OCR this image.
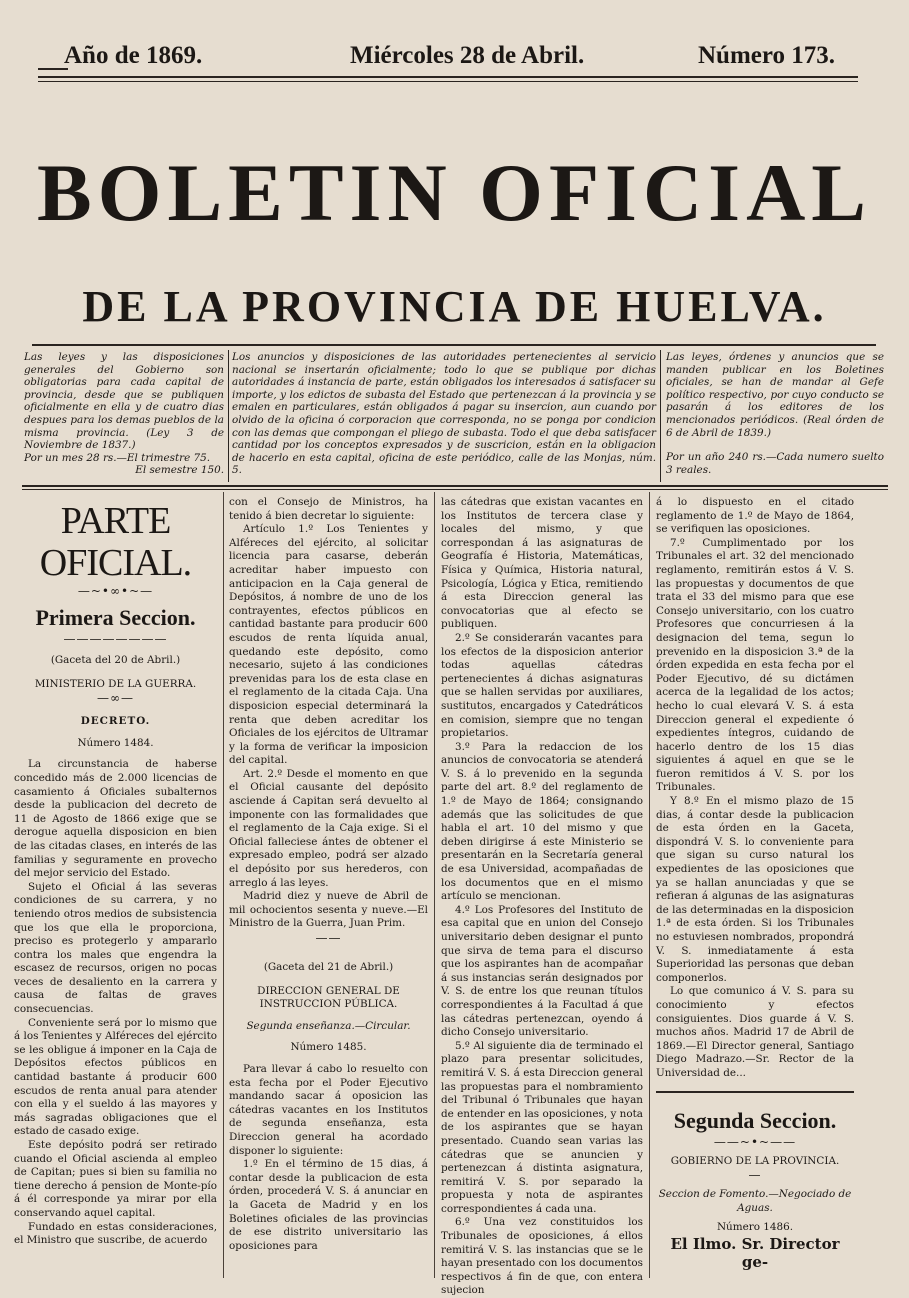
Año de 1869.	Miércoles 28 de Abril.	Número 173.
BOLETIN OFICIAL
DE LA PROVINCIA DE HUELVA.
Las leyes y las disposiciones generales del Gobierno son obligatorias para cada capital de provincia, desde que se publiquen oficialmente en ella y de cuatro dias despues para los demas pueblos de la misma provincia. (Ley 3 de Noviembre de 1837.)
Por un mes 28 rs.—El trimestre 75.
El semestre 150.
Los anuncios y disposiciones de las autoridades pertenecientes al servicio nacional se insertarán oficialmente; todo lo que se publique por dichas autoridades á instancia de parte, están obligados los interesados á satisfacer su importe, y los edictos de subasta del Estado que pertenezcan á la provincia y se emalen en particulares, están obligados á pagar su insercion, aun cuando por olvido de la oficina ó corporacion que corresponda, no se ponga por condicion con las demas que compongan el pliego de subasta. Todo el que deba satisfacer cantidad por los conceptos expresados y de suscricion, están en la obligacion de hacerlo en esta capital, oficina de este periódico, calle de las Monjas, núm. 5.
Las leyes, órdenes y anuncios que se manden publicar en los Boletines oficiales, se han de mandar al Gefe político respectivo, por cuyo conducto se pasarán á los editores de los mencionados periódicos. (Real órden de 6 de Abril de 1839.)
Por un año 240 rs.—Cada numero suelto 3 reales.
PARTE OFICIAL.
—~•∞•~—
Primera Seccion.
————————

(Gaceta del 20 de Abril.)

MINISTERIO DE LA GUERRA.

—∞—

DECRETO.

Número 1484.

La circunstancia de haberse concedido más de 2.000 licencias de casamiento á Oficiales subalternos desde la publicacion del decreto de 11 de Agosto de 1866 exige que se derogue aquella disposicion en bien de las citadas clases, en interés de las familias y seguramente en provecho del mejor servicio del Estado.

Sujeto el Oficial á las severas condiciones de su carrera, y no teniendo otros medios de subsistencia que los que ella le proporciona, preciso es protegerlo y ampararlo contra los males que engendra la escasez de recursos, origen no pocas veces de desaliento en la carrera y causa de faltas de graves consecuencias.

Conveniente será por lo mismo que á los Tenientes y Alféreces del ejército se les obligue á imponer en la Caja de Depósitos efectos públicos en cantidad bastante á producir 600 escudos de renta anual para atender con ella y el sueldo á las mayores y más sagradas obligaciones que el estado de casado exige.

Este depósito podrá ser retirado cuando el Oficial ascienda al empleo de Capitan; pues si bien su familia no tiene derecho á pension de Monte-pío á él corresponde ya mirar por ella conservando aquel capital.

Fundado en estas consideraciones, el Ministro que suscribe, de acuerdo

con el Consejo de Ministros, ha tenido á bien decretar lo siguiente:

Artículo 1.º Los Tenientes y Alféreces del ejército, al solicitar licencia para casarse, deberán acreditar haber impuesto con anticipacion en la Caja general de Depósitos, á nombre de uno de los contrayentes, efectos públicos en cantidad bastante para producir 600 escudos de renta líquida anual, quedando este depósito, como necesario, sujeto á las condiciones prevenidas para los de esta clase en el reglamento de la citada Caja. Una disposicion especial determinará la renta que deben acreditar los Oficiales de los ejércitos de Ultramar y la forma de verificar la imposicion del capital.

Art. 2.º Desde el momento en que el Oficial causante del depósito asciende á Capitan será devuelto al imponente con las formalidades que el reglamento de la Caja exige. Si el Oficial falleciese ántes de obtener el expresado empleo, podrá ser alzado el depósito por sus herederos, con arreglo á las leyes.

Madrid diez y nueve de Abril de mil ochocientos sesenta y nueve.—El Ministro de la Guerra, Juan Prim.

——

(Gaceta del 21 de Abril.)

DIRECCION GENERAL DE INSTRUCCION PÚBLICA.

Segunda enseñanza.—Circular.

Número 1485.

Para llevar á cabo lo resuelto con esta fecha por el Poder Ejecutivo mandando sacar á oposicion las cátedras vacantes en los Institutos de segunda enseñanza, esta Direccion general ha acordado disponer lo siguiente:

1.º En el término de 15 dias, á contar desde la publicacion de esta órden, procederá V. S. á anunciar en la Gaceta de Madrid y en los Boletines oficiales de las provincias de ese distrito universitario las oposiciones para

las cátedras que existan vacantes en los Institutos de tercera clase y locales del mismo, y que correspondan á las asignaturas de Geografía é Historia, Matemáticas, Física y Química, Historia natural, Psicología, Lógica y Etica, remitiendo á esta Direccion general las convocatorias que al efecto se publiquen.

2.º Se considerarán vacantes para los efectos de la disposicion anterior todas aquellas cátedras pertenecientes á dichas asignaturas que se hallen servidas por auxiliares, sustitutos, encargados y Catedráticos en comision, siempre que no tengan propietarios.

3.º Para la redaccion de los anuncios de convocatoria se atenderá V. S. á lo prevenido en la segunda parte del art. 8.º del reglamento de 1.º de Mayo de 1864; consignando además que las solicitudes de que habla el art. 10 del mismo y que deben dirigirse á este Ministerio se presentarán en la Secretaría general de esa Universidad, acompañadas de los documentos que en el mismo artículo se mencionan.

4.º Los Profesores del Instituto de esa capital que en union del Consejo universitario deben designar el punto que sirva de tema para el discurso que los aspirantes han de acompañar á sus instancias serán designados por V. S. de entre los que reunan títulos correspondientes á la Facultad á que las cátedras pertenezcan, oyendo á dicho Consejo universitario.

5.º Al siguiente dia de terminado el plazo para presentar solicitudes, remitirá V. S. á esta Direccion general las propuestas para el nombramiento del Tribunal ó Tribunales que hayan de entender en las oposiciones, y nota de los aspirantes que se hayan presentado. Cuando sean varias las cátedras que se anuncien y pertenezcan á distinta asignatura, remitirá V. S. por separado la propuesta y nota de aspirantes correspondientes á cada una.

6.º Una vez constituidos los Tribunales de oposiciones, á ellos remitirá V. S. las instancias que se le hayan presentado con los documentos respectivos á fin de que, con entera sujecion

á lo dispuesto en el citado reglamento de 1.º de Mayo de 1864, se verifiquen las oposiciones.

7.º Cumplimentado por los Tribunales el art. 32 del mencionado reglamento, remitirán estos á V. S. las propuestas y documentos de que trata el 33 del mismo para que ese Consejo universitario, con los cuatro Profesores que concurriesen á la designacion del tema, segun lo prevenido en la disposicion 3.ª de la órden expedida en esta fecha por el Poder Ejecutivo, dé su dictámen acerca de la legalidad de los actos; hecho lo cual elevará V. S. á esta Direccion general el expediente ó expedientes íntegros, cuidando de hacerlo dentro de los 15 dias siguientes á aquel en que se le fueron remitidos á V. S. por los Tribunales.

Y 8.º En el mismo plazo de 15 dias, á contar desde la publicacion de esta órden en la Gaceta, dispondrá V. S. lo conveniente para que sigan su curso natural los expedientes de las oposiciones que ya se hallan anunciadas y que se refieran á algunas de las asignaturas de las determinadas en la disposicion 1.ª de esta órden. Si los Tribunales no estuviesen nombrados, propondrá V. S. inmediatamente á esta Superioridad las personas que deban componerlos.

Lo que comunico á V. S. para su conocimiento y efectos consiguientes. Dios guarde á V. S. muchos años. Madrid 17 de Abril de 1869.—El Director general, Santiago Diego Madrazo.—Sr. Rector de la Universidad de...

Segunda Seccion.
——~•~——

GOBIERNO DE LA PROVINCIA.

—

Seccion de Fomento.—Negociado de Aguas.

Número 1486.

El Ilmo. Sr. Director ge-
